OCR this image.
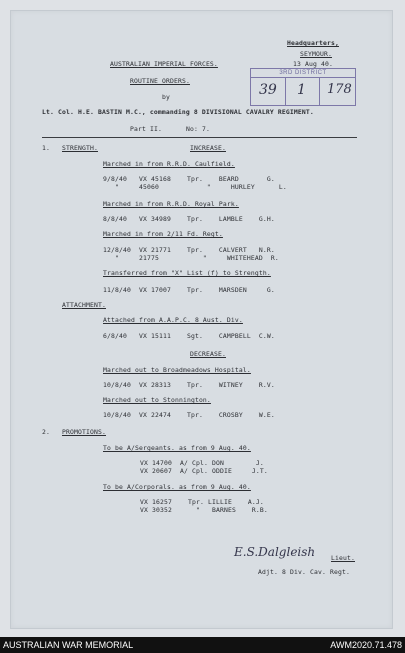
Headquarters,
SEYMOUR.
13 Aug 40.
AUSTRALIAN IMPERIAL FORCES.
ROUTINE ORDERS.
by
Lt. Col. H.E. BASTIN M.C., commanding 8 DIVISIONAL CAVALRY REGIMENT.
Part II.      No: 7.
3RD DISTRICT
39 1 178
1. STRENGTH.	INCREASE.
Marched in from R.R.D. Caulfield.
9/8/40   VX 45168    Tpr.    BEARD       G.
"     45060            "     HURLEY      L.
Marched in from R.R.D. Royal Park.
8/8/40   VX 34989    Tpr.    LAMBLE    G.H.
Marched in from 2/11 Fd. Regt.
12/8/40  VX 21771    Tpr.    CALVERT   N.R.
"     21775           "     WHITEHEAD  R.
Transferred from "X" List (f) to Strength.
11/8/40  VX 17007    Tpr.    MARSDEN     G.
ATTACHMENT.
Attached from A.A.P.C. 8 Aust. Div.
6/8/40   VX 15111    Sgt.    CAMPBELL  C.W.
DECREASE.
Marched out to Broadmeadows Hospital.
10/8/40  VX 28313    Tpr.    WITNEY    R.V.
Marched out to Stonnington.
10/8/40  VX 22474    Tpr.    CROSBY    W.E.
2. PROMOTIONS.
To be A/Sergeants. as from 9 Aug. 40.
VX 14700  A/ Cpl. DON        J.
VX 20607  A/ Cpl. ODDIE     J.T.
To be A/Corporals. as from 9 Aug. 40.
VX 16257    Tpr. LILLIE    A.J.
VX 30352      "   BARNES    R.B.
E.S.Dalgleish Lieut.
Adjt. 8 Div. Cav. Regt.
AUSTRALIAN WAR MEMORIAL	AWM2020.71.478
